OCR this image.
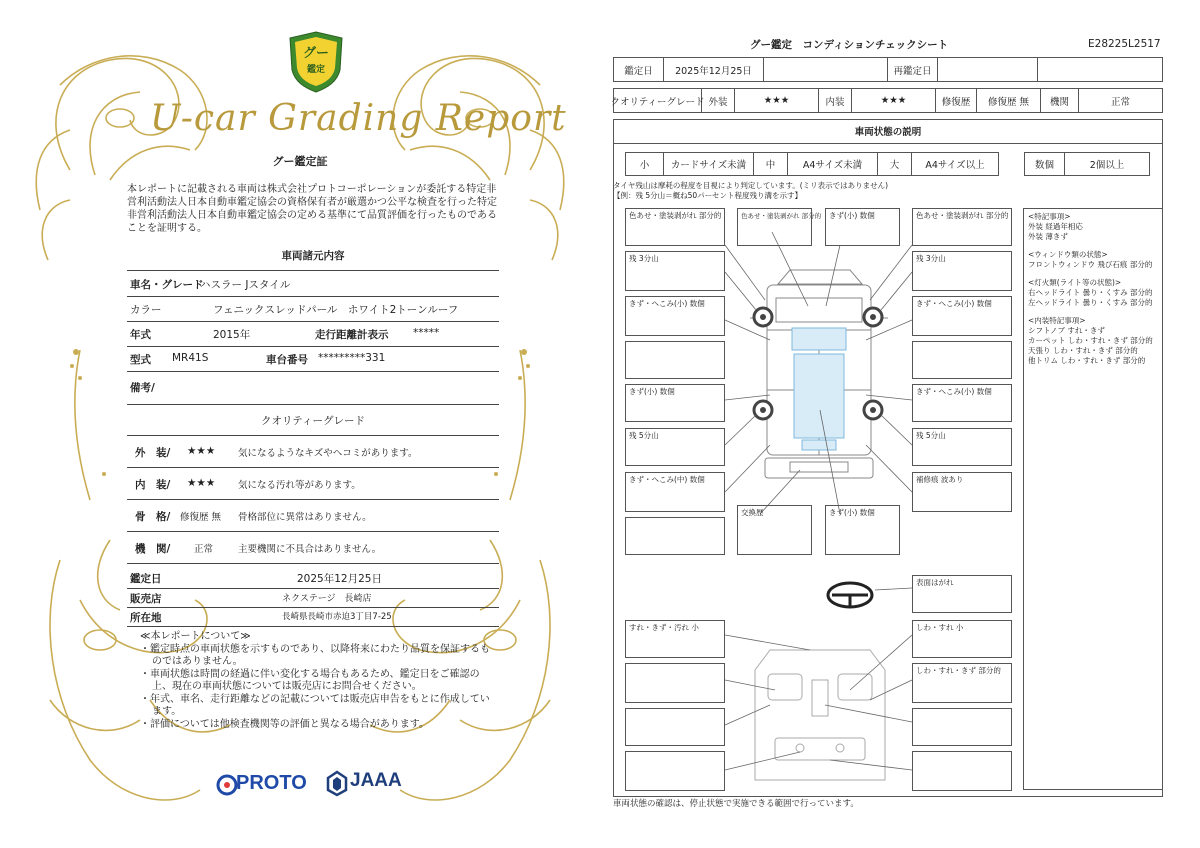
グー
鑑定
U-car Grading Report
グー鑑定証
本レポートに記載される車両は株式会社プロトコーポレーションが委託する特定非営利活動法人日本自動車鑑定協会の資格保有者が厳選かつ公平な検査を行った特定非営利活動法人日本自動車鑑定協会の定める基準にて品質評価を行ったものであることを証明する。
車両諸元内容
車名・グレード
ハスラー Jスタイル
カラー	フェニックスレッドパール　ホワイト2トーンルーフ
年式	2015年	走行距離計表示 *****
型式 MR41S	車台番号 *********331
備考/
クオリティーグレード
外　装/ ★★★ 気になるようなキズやヘコミがあります。
内　装/ ★★★ 気になる汚れ等があります。
骨　格/ 修復歴 無 骨格部位に異常はありません。
機　関/ 正常	主要機関に不具合はありません。
鑑定日	2025年12月25日
販売店	ネクステージ　長崎店
所在地	長崎県長崎市赤迫3丁目7-25
≪本レポートについて≫
・鑑定時点の車両状態を示すものであり、以降将来にわたり品質を保証するものではありません。
・車両状態は時間の経過に伴い変化する場合もあるため、鑑定日をご確認の上、現在の車両状態については販売店にお問合せください。
・年式、車名、走行距離などの記載については販売店申告をもとに作成しています。
・評価については他検査機関等の評価と異なる場合があります。
PROTO JAAA
グー鑑定　コンディションチェックシート	E28225L2517
鑑定日	2025年12月25日	再鑑定日
クオリティーグレード 外装	★★★	内装	★★★	修復歴	修復歴 無	機関	正常
車両状態の説明
小	カードサイズ未満	中	A4サイズ未満	大	A4サイズ以上	数個	2個以上
タイヤ残山は摩耗の程度を目視により判定しています。(ミリ表示ではありません)
【例：残 5分山＝概ね50パーセント程度残り溝を示す】
色あせ・塗装剥がれ 部分的
残 3分山
きず・へこみ(小) 数個
きず(小) 数個
残 5分山
きず・へこみ(中) 数個
色あせ・塗装剥がれ 部分的	きず(小) 数個	色あせ・塗装剥がれ 部分的
残 3分山
きず・へこみ(小) 数個
きず・へこみ(小) 数個
残 5分山
補修痕 波あり
交換歴	きず(小) 数個
表面はがれ
すれ・きず・汚れ 小	しわ・すれ 小
しわ・すれ・きず 部分的

<特記事項>
外装 経過年相応
外装 薄きず

<ウィンドウ類の状態>
フロントウィンドウ 飛び石痕 部分的

<灯火類(ライト等の状態)>
右ヘッドライト 曇り・くすみ 部分的
左ヘッドライト 曇り・くすみ 部分的

<内装特記事項>
シフトノブ すれ・きず
カーペット しわ・すれ・きず 部分的
天張り しわ・すれ・きず 部分的
他トリム しわ・すれ・きず 部分的

車両状態の確認は、停止状態で実施できる範囲で行っています。
